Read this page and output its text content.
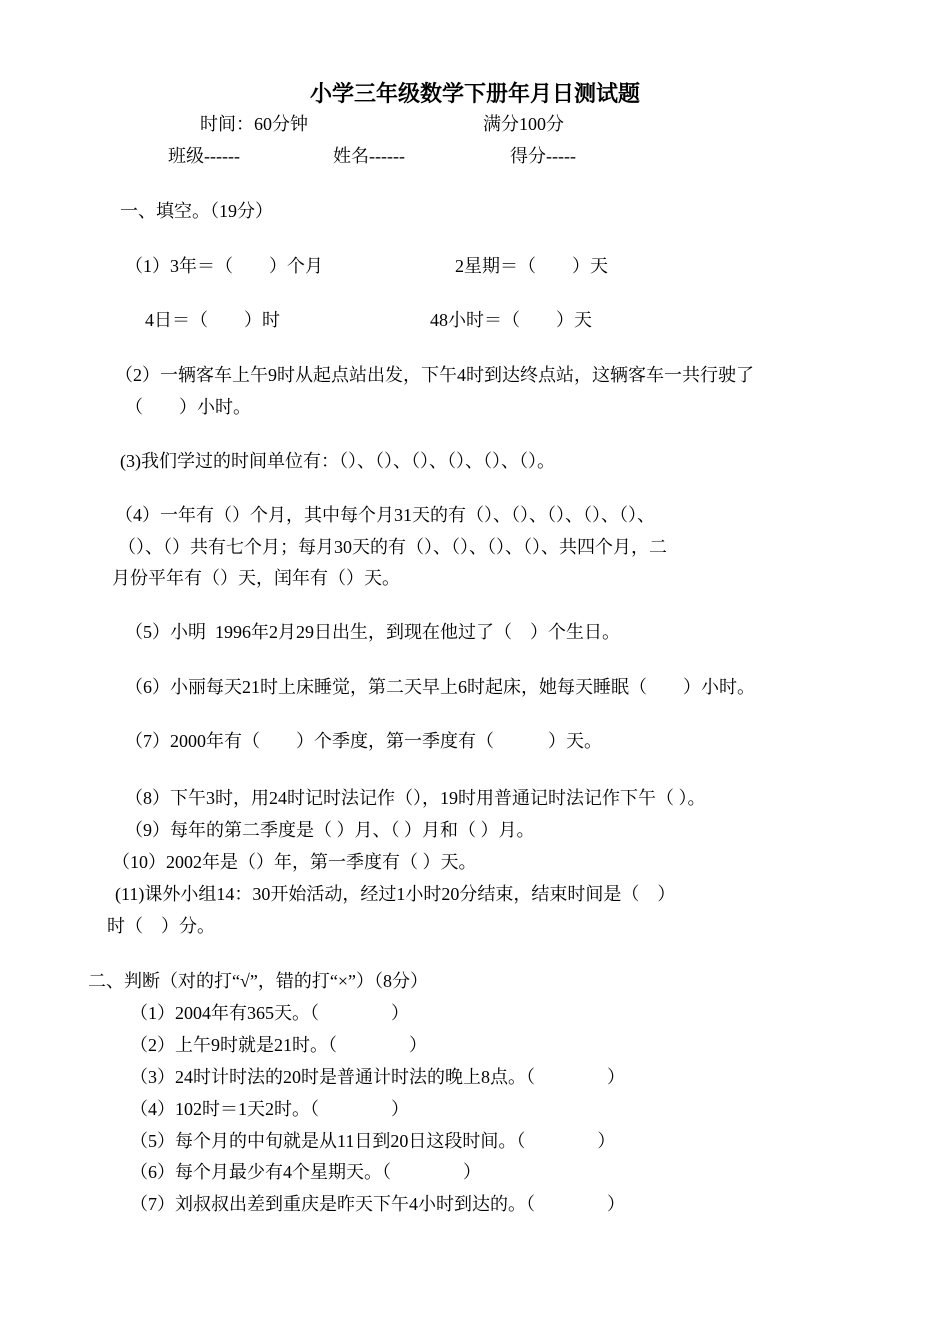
小学三年级数学下册年月日测试题
时间：60分钟	满分100分
班级------	姓名------	得分-----
一、填空。（19分）
（1）3年＝（　　）个月	2星期＝（　　）天
4日＝（　　）时	48小时＝（　　）天
（2）一辆客车上午9时从起点站出发，下午4时到达终点站，这辆客车一共行驶了
（　　）小时。
(3)我们学过的时间单位有：（）、（）、（）、（）、（）、（）。
（4）一年有（）个月，其中每个月31天的有（）、（）、（）、（）、（）、
（）、（）共有七个月；每月30天的有（）、（）、（）、（）、共四个月，二
月份平年有（）天，闰年有（）天。
（5）小明  1996年2月29日出生，到现在他过了（　）个生日。
（6）小丽每天21时上床睡觉，第二天早上6时起床，她每天睡眠（　　）小时。
（7）2000年有（　　）个季度，第一季度有（　　　）天。
（8）下午3时，用24时记时法记作（），19时用普通记时法记作下午（ ）。
（9）每年的第二季度是（ ）月、（ ）月和（ ）月。
（10）2002年是（）年，第一季度有（ ）天。
(11)课外小组14：30开始活动，经过1小时20分结束，结束时间是（　）
时（　）分。
二、判断（对的打“√”，错的打“×”）（8分）
（1）2004年有365天。（　　　　）
（2）上午9时就是21时。（　　　　）
（3）24时计时法的20时是普通计时法的晚上8点。（　　　　）
（4）102时＝1天2时。（　　　　）
（5）每个月的中旬就是从11日到20日这段时间。（　　　　）
（6）每个月最少有4个星期天。（　　　　）
（7）刘叔叔出差到重庆是昨天下午4小时到达的。（　　　　）
